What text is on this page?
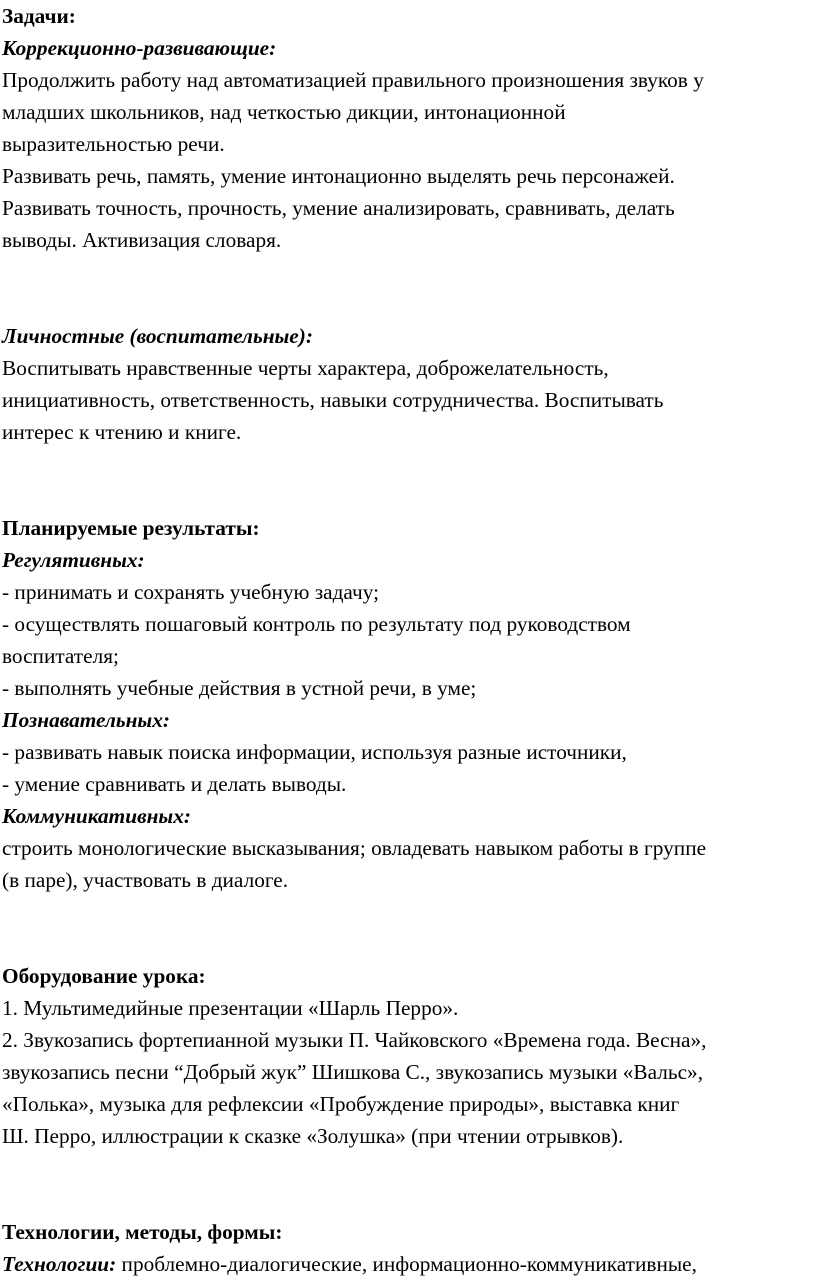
Задачи:
Коррекционно-развивающие:
Продолжить работу над автоматизацией правильного произношения звуков у
младших школьников, над четкостью дикции, интонационной
выразительностью речи.
Развивать речь, память, умение интонационно выделять речь персонажей.
Развивать точность, прочность, умение анализировать, сравнивать, делать
выводы. Активизация словаря.
Личностные (воспитательные):
Воспитывать нравственные черты характера, доброжелательность,
инициативность, ответственность, навыки сотрудничества. Воспитывать
интерес к чтению и книге.
Планируемые результаты:
Регулятивных:
- принимать и сохранять учебную задачу;
- осуществлять пошаговый контроль по результату под руководством
воспитателя;
- выполнять учебные действия в устной речи, в уме;
Познавательных:
- развивать навык поиска информации, используя разные источники,
- умение сравнивать и делать выводы.
Коммуникативных:
строить монологические высказывания; овладевать навыком работы в группе
(в паре), участвовать в диалоге.
Оборудование урока:
1. Мультимедийные презентации «Шарль Перро».
2. Звукозапись фортепианной музыки П. Чайковского «Времена года. Весна»,
звукозапись песни “Добрый жук” Шишкова С., звукозапись музыки «Вальс»,
«Полька», музыка для рефлексии «Пробуждение природы», выставка книг
Ш. Перро, иллюстрации к сказке «Золушка» (при чтении отрывков).
Технологии, методы, формы:
Технологии: проблемно-диалогические, информационно-коммуникативные,
